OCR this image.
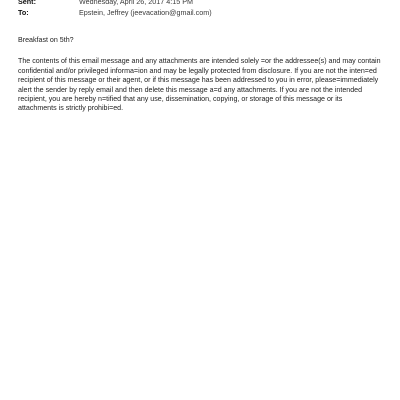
Sent:	Wednesday, April 26, 2017 4:15 PM
To:	Epstein, Jeffrey (jeevacation@gmail.com)

Breakfast on 5th?

The contents of this email message and any attachments are intended solely =or the addressee(s) and may contain confidential and/or privileged informa=ion and may be legally protected from disclosure. If you are not the inten=ed recipient of this message or their agent, or if this message has been addressed to you in error, please=immediately alert the sender by reply email and then delete this message a=d any attachments. If you are not the intended recipient, you are hereby n=tified that any use, dissemination, copying, or storage of this message or its attachments is strictly prohibi=ed.
